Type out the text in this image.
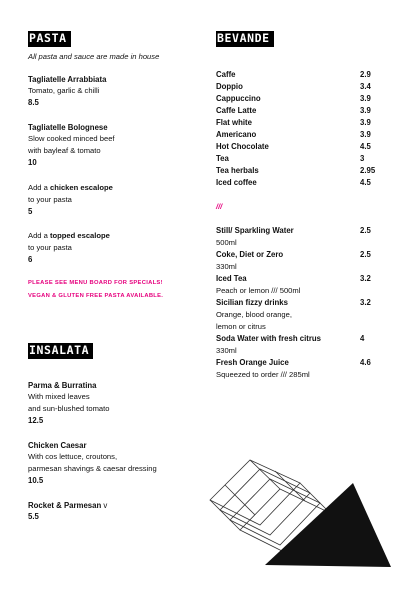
PASTA
All pasta and sauce are made in house
Tagliatelle Arrabbiata
Tomato, garlic & chilli
8.5
Tagliatelle Bolognese
Slow cooked minced beef
with bayleaf & tomato
10
Add a chicken escalope
to your pasta
5
Add a topped escalope
to your pasta
6
PLEASE SEE MENU BOARD FOR SPECIALS!
VEGAN & GLUTEN FREE PASTA AVAILABLE.
INSALATA
Parma & Burratina
With mixed leaves
and sun-blushed tomato
12.5
Chicken Caesar
With cos lettuce, croutons,
parmesan shavings & caesar dressing
10.5
Rocket & Parmesan v
5.5
BEVANDE
Caffe	2.9
Doppio	3.4
Cappuccino	3.9
Caffe Latte	3.9
Flat white	3.9
Americano	3.9
Hot Chocolate	4.5
Tea	3
Tea herbals	2.95
Iced coffee	4.5
///
Still/ Sparkling Water	2.5
500ml
Coke, Diet or Zero	2.5
330ml
Iced Tea	3.2
Peach or lemon /// 500ml
Sicilian fizzy drinks	3.2
Orange, blood orange,
lemon or citrus
Soda Water with fresh citrus	4
330ml
Fresh Orange Juice	4.6
Squeezed to order /// 285ml
